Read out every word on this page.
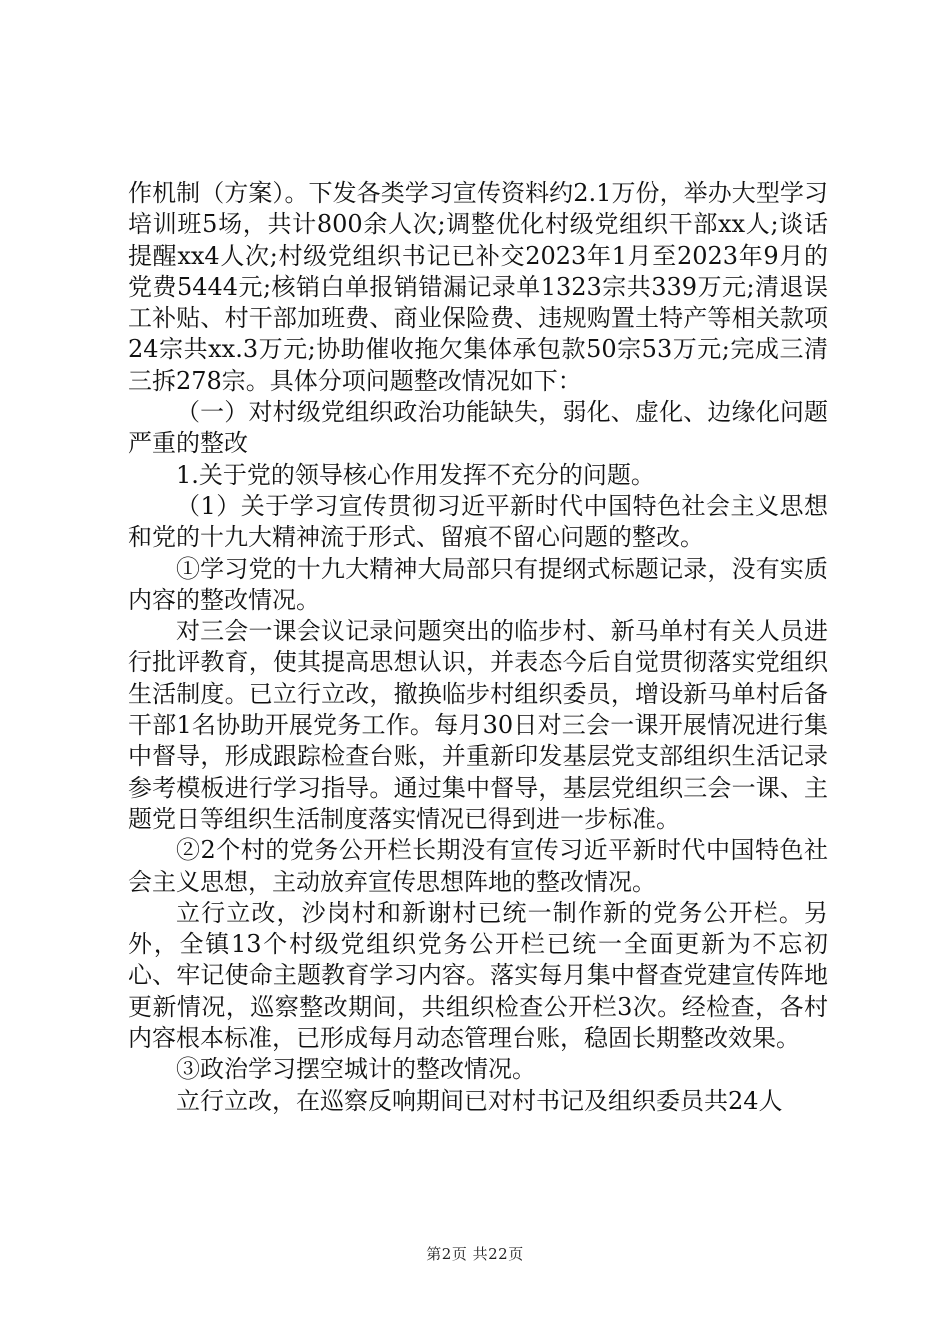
作机制（方案）。下发各类学习宣传资料约2.1万份，举办大型学习培训班5场，共计800余人次;调整优化村级党组织干部xx人;谈话提醒xx4人次;村级党组织书记已补交2023年1月至2023年9月的党费5444元;核销白单报销错漏记录单1323宗共339万元;清退误工补贴、村干部加班费、商业保险费、违规购置土特产等相关款项24宗共xx.3万元;协助催收拖欠集体承包款50宗53万元;完成三清三拆278宗。具体分项问题整改情况如下：

（一）对村级党组织政治功能缺失，弱化、虚化、边缘化问题严重的整改

1.关于党的领导核心作用发挥不充分的问题。

（1）关于学习宣传贯彻习近平新时代中国特色社会主义思想和党的十九大精神流于形式、留痕不留心问题的整改。

①学习党的十九大精神大局部只有提纲式标题记录，没有实质内容的整改情况。

对三会一课会议记录问题突出的临步村、新马单村有关人员进行批评教育，使其提高思想认识，并表态今后自觉贯彻落实党组织生活制度。已立行立改，撤换临步村组织委员，增设新马单村后备干部1名协助开展党务工作。每月30日对三会一课开展情况进行集中督导，形成跟踪检查台账，并重新印发基层党支部组织生活记录参考模板进行学习指导。通过集中督导，基层党组织三会一课、主题党日等组织生活制度落实情况已得到进一步标准。

②2个村的党务公开栏长期没有宣传习近平新时代中国特色社会主义思想，主动放弃宣传思想阵地的整改情况。

立行立改，沙岗村和新谢村已统一制作新的党务公开栏。另外，全镇13个村级党组织党务公开栏已统一全面更新为不忘初心、牢记使命主题教育学习内容。落实每月集中督查党建宣传阵地更新情况，巡察整改期间，共组织检查公开栏3次。经检查，各村内容根本标准，已形成每月动态管理台账，稳固长期整改效果。

③政治学习摆空城计的整改情况。

立行立改，在巡察反响期间已对村书记及组织委员共24人

第2页 共22页
